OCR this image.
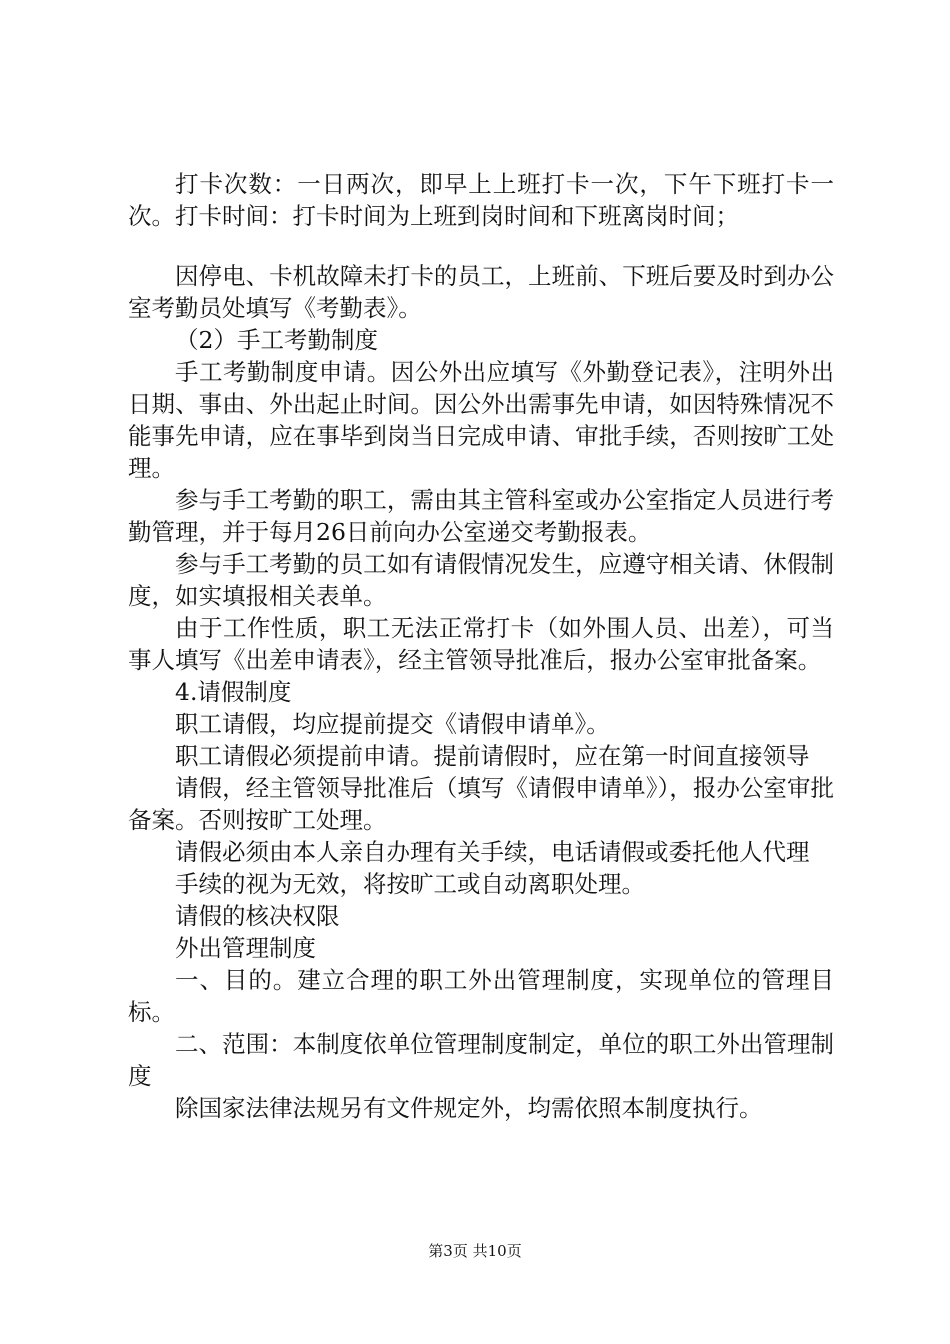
打卡次数：一日两次，即早上上班打卡一次，下午下班打卡一次。打卡时间：打卡时间为上班到岗时间和下班离岗时间；

因停电、卡机故障未打卡的员工，上班前、下班后要及时到办公室考勤员处填写《考勤表》。

（2）手工考勤制度

手工考勤制度申请。因公外出应填写《外勤登记表》，注明外出日期、事由、外出起止时间。因公外出需事先申请，如因特殊情况不能事先申请，应在事毕到岗当日完成申请、审批手续，否则按旷工处理。

参与手工考勤的职工，需由其主管科室或办公室指定人员进行考勤管理，并于每月26日前向办公室递交考勤报表。

参与手工考勤的员工如有请假情况发生，应遵守相关请、休假制度，如实填报相关表单。

由于工作性质，职工无法正常打卡（如外围人员、出差），可当事人填写《出差申请表》，经主管领导批准后，报办公室审批备案。

4.请假制度

职工请假，均应提前提交《请假申请单》。

职工请假必须提前申请。提前请假时，应在第一时间直接领导

请假，经主管领导批准后（填写《请假申请单》），报办公室审批备案。否则按旷工处理。

请假必须由本人亲自办理有关手续，电话请假或委托他人代理

手续的视为无效，将按旷工或自动离职处理。

请假的核决权限

外出管理制度

一、目的。建立合理的职工外出管理制度，实现单位的管理目标。

二、范围：本制度依单位管理制度制定，单位的职工外出管理制度

除国家法律法规另有文件规定外，均需依照本制度执行。

第3页 共10页
